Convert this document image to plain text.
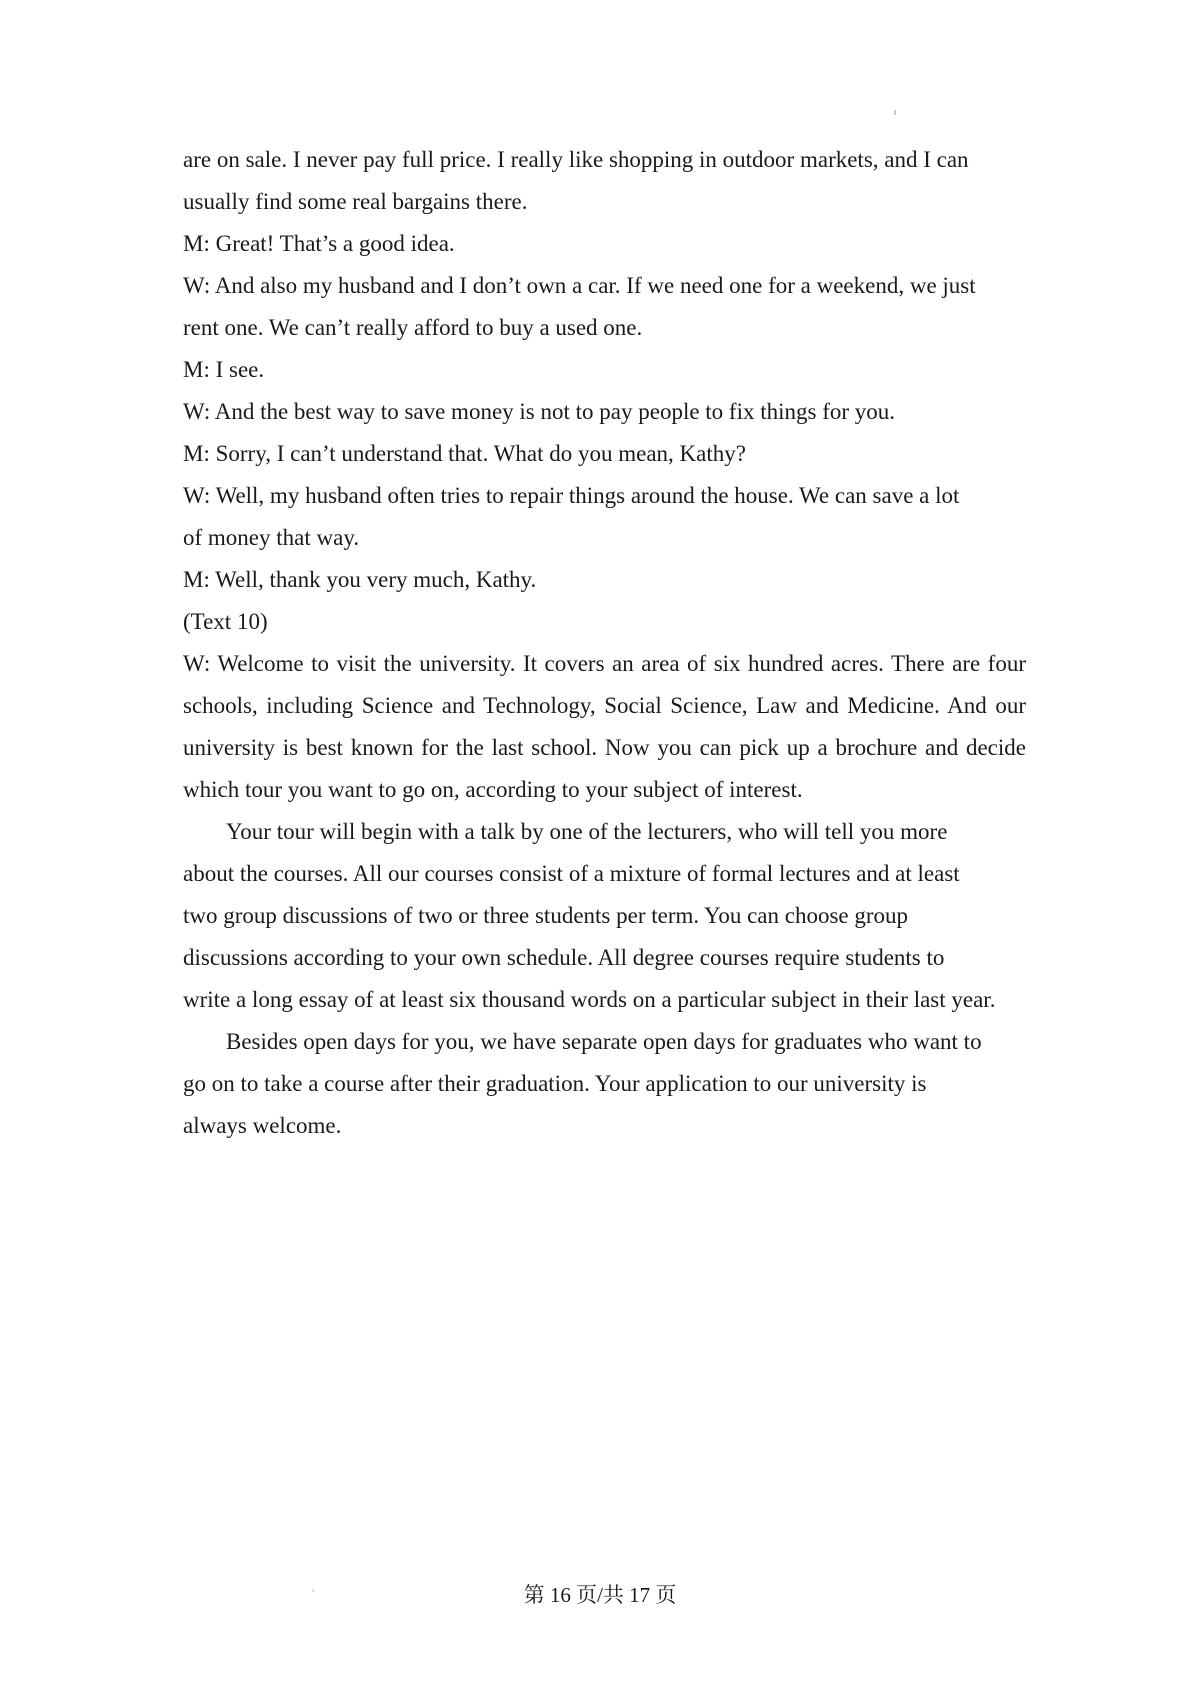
are on sale. I never pay full price. I really like shopping in outdoor markets, and I can

usually find some real bargains there.

M: Great! That’s a good idea.

W: And also my husband and I don’t own a car. If we need one for a weekend, we just

rent one. We can’t really afford to buy a used one.

M: I see.

W: And the best way to save money is not to pay people to fix things for you.

M: Sorry, I can’t understand that. What do you mean, Kathy?

W: Well, my husband often tries to repair things around the house. We can save a lot

of money that way.

M: Well, thank you very much, Kathy.

(Text 10)

W: Welcome to visit the university. It covers an area of six hundred acres. There are four schools, including Science and Technology, Social Science, Law and Medicine. And our university is best known for the last school. Now you can pick up a brochure and decide which tour you want to go on, according to your subject of interest.

Your tour will begin with a talk by one of the lecturers, who will tell you more

about the courses. All our courses consist of a mixture of formal lectures and at least

two group discussions of two or three students per term. You can choose group

discussions according to your own schedule. All degree courses require students to

write a long essay of at least six thousand words on a particular subject in their last year.

Besides open days for you, we have separate open days for graduates who want to

go on to take a course after their graduation. Your application to our university is

always welcome.

第 16 页/共 17 页
